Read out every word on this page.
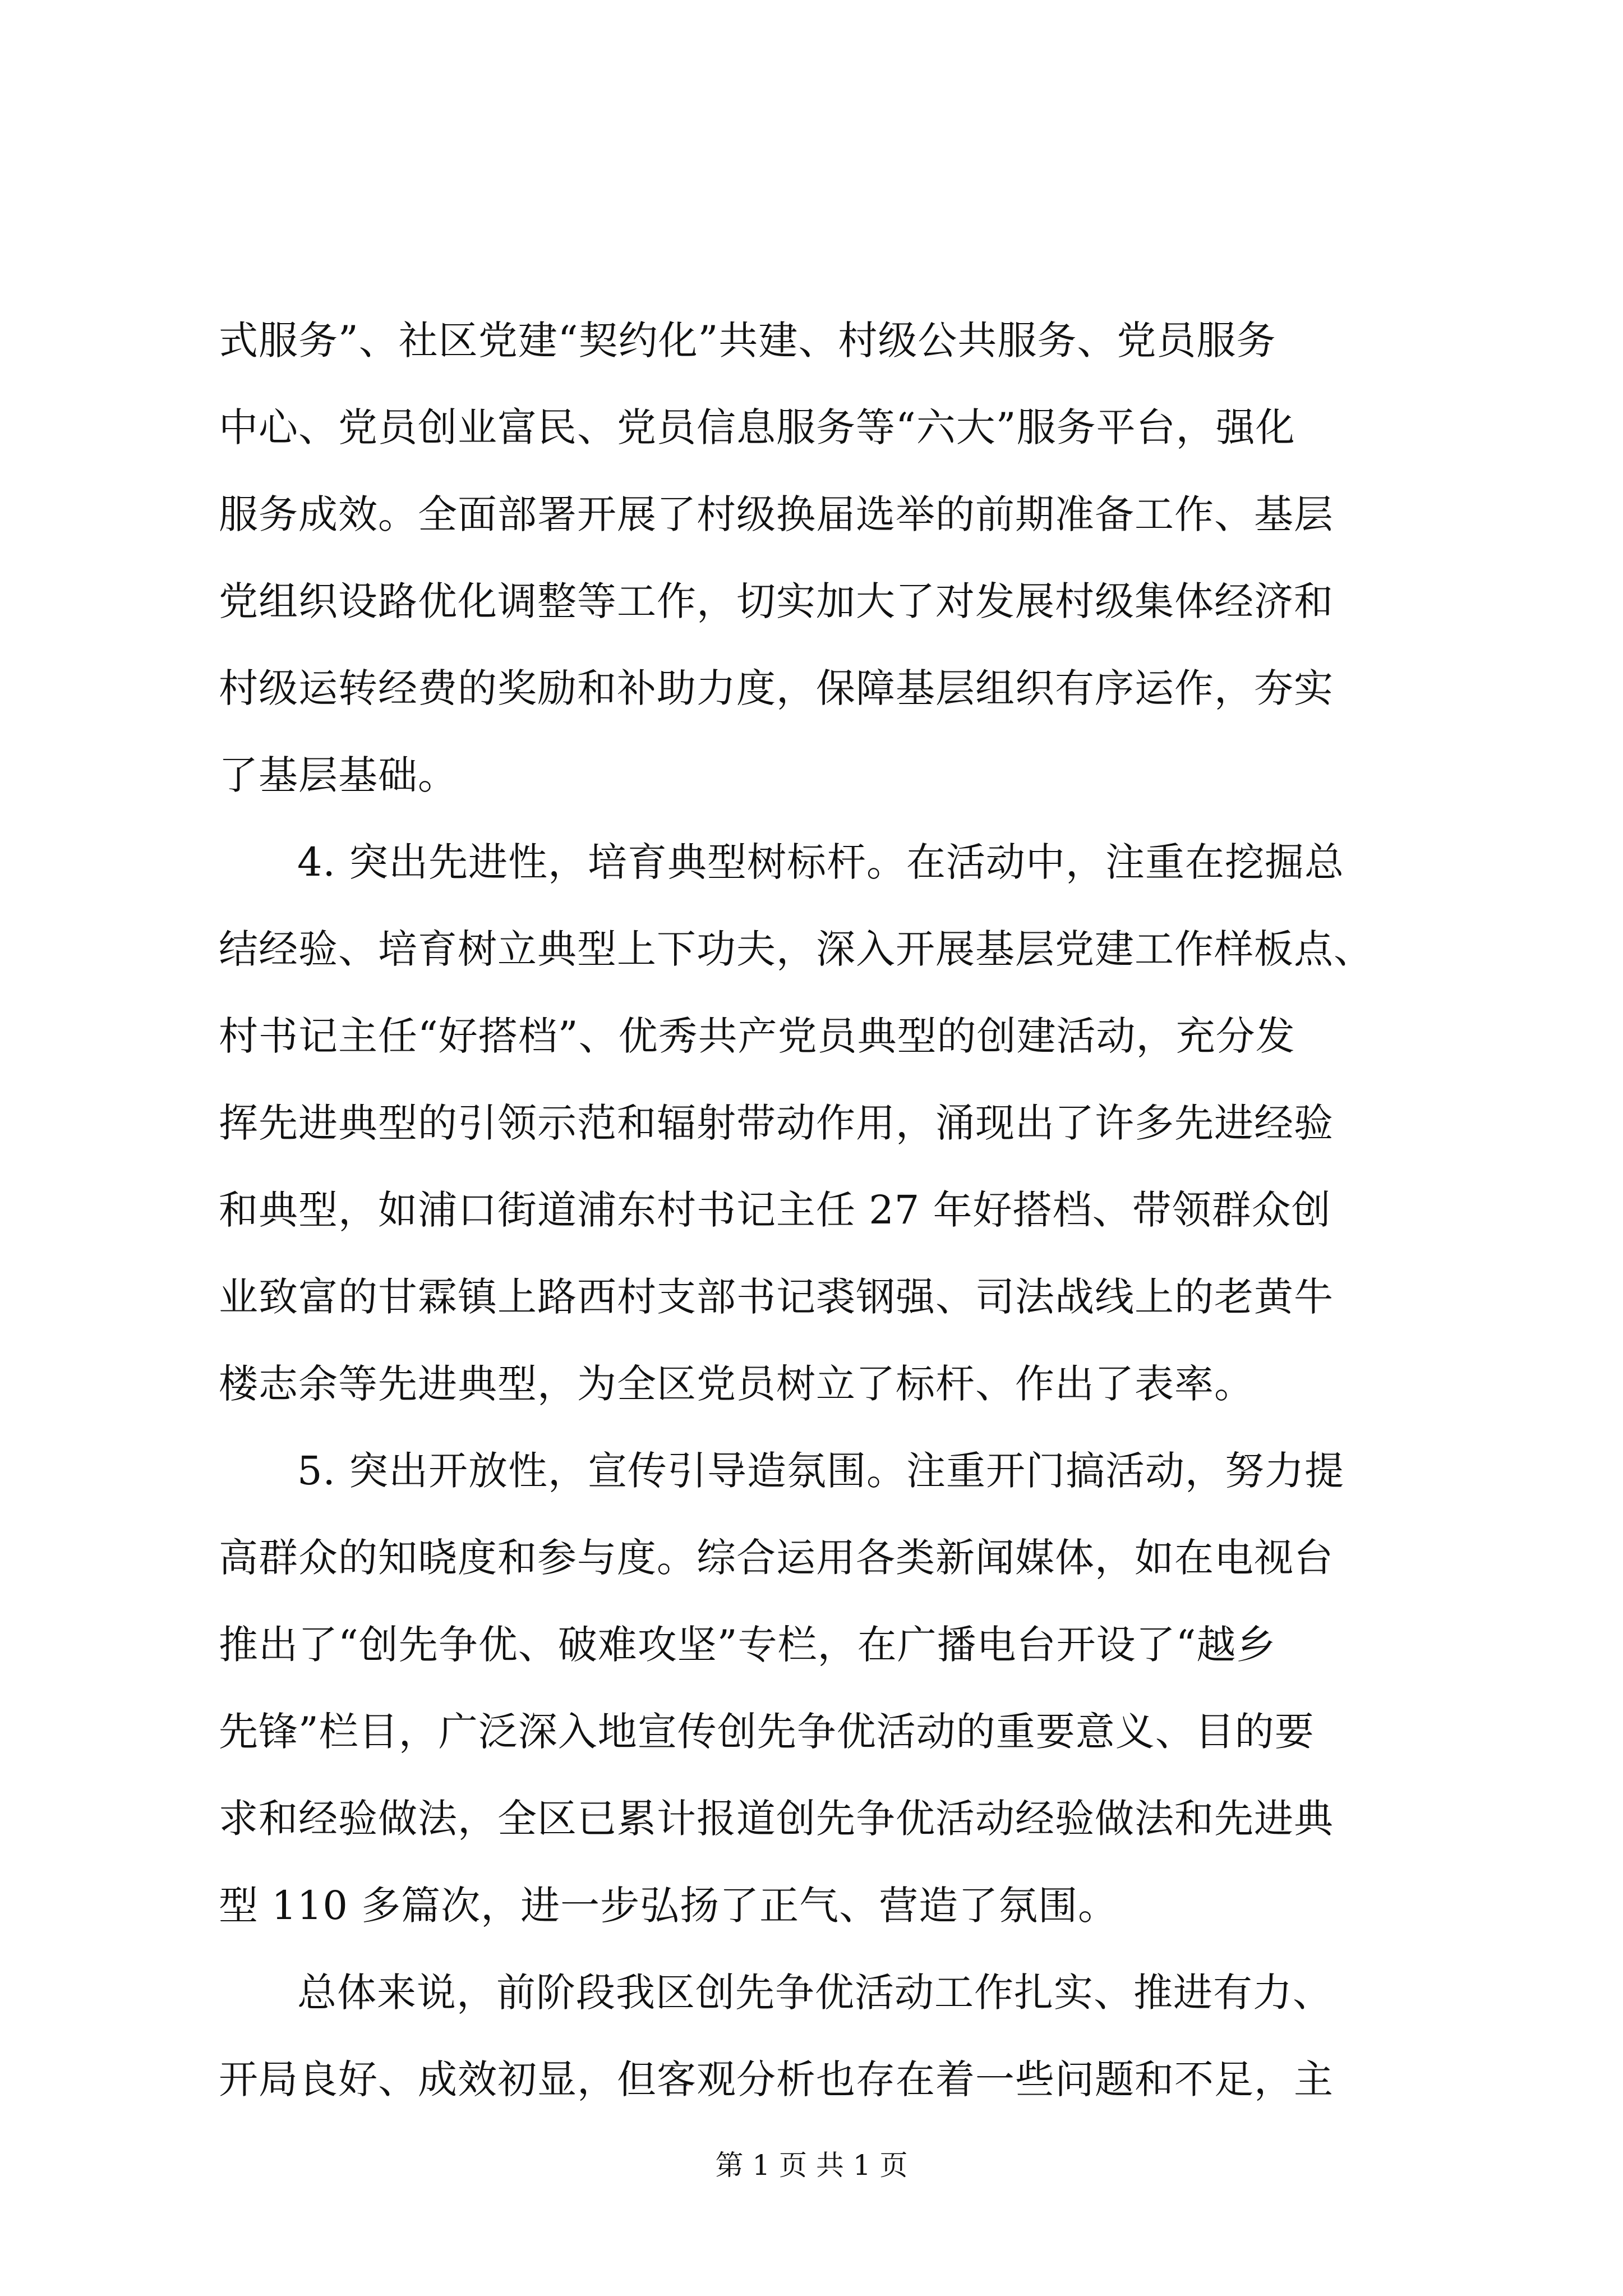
式服务”、社区党建“契约化”共建、村级公共服务、党员服务
中心、党员创业富民、党员信息服务等“六大”服务平台，强化
服务成效。全面部署开展了村级换届选举的前期准备工作、基层
党组织设路优化调整等工作，切实加大了对发展村级集体经济和
村级运转经费的奖励和补助力度，保障基层组织有序运作，夯实
了基层基础。
4. 突出先进性，培育典型树标杆。在活动中，注重在挖掘总
结经验、培育树立典型上下功夫，深入开展基层党建工作样板点、
村书记主任“好搭档”、优秀共产党员典型的创建活动，充分发
挥先进典型的引领示范和辐射带动作用，涌现出了许多先进经验
和典型，如浦口街道浦东村书记主任 27 年好搭档、带领群众创
业致富的甘霖镇上路西村支部书记裘钢强、司法战线上的老黄牛
楼志余等先进典型，为全区党员树立了标杆、作出了表率。
5. 突出开放性，宣传引导造氛围。注重开门搞活动，努力提
高群众的知晓度和参与度。综合运用各类新闻媒体，如在电视台
推出了“创先争优、破难攻坚”专栏，在广播电台开设了“越乡
先锋”栏目，广泛深入地宣传创先争优活动的重要意义、目的要
求和经验做法，全区已累计报道创先争优活动经验做法和先进典
型 110 多篇次，进一步弘扬了正气、营造了氛围。
总体来说，前阶段我区创先争优活动工作扎实、推进有力、
开局良好、成效初显，但客观分析也存在着一些问题和不足，主
第 1 页 共 1 页
